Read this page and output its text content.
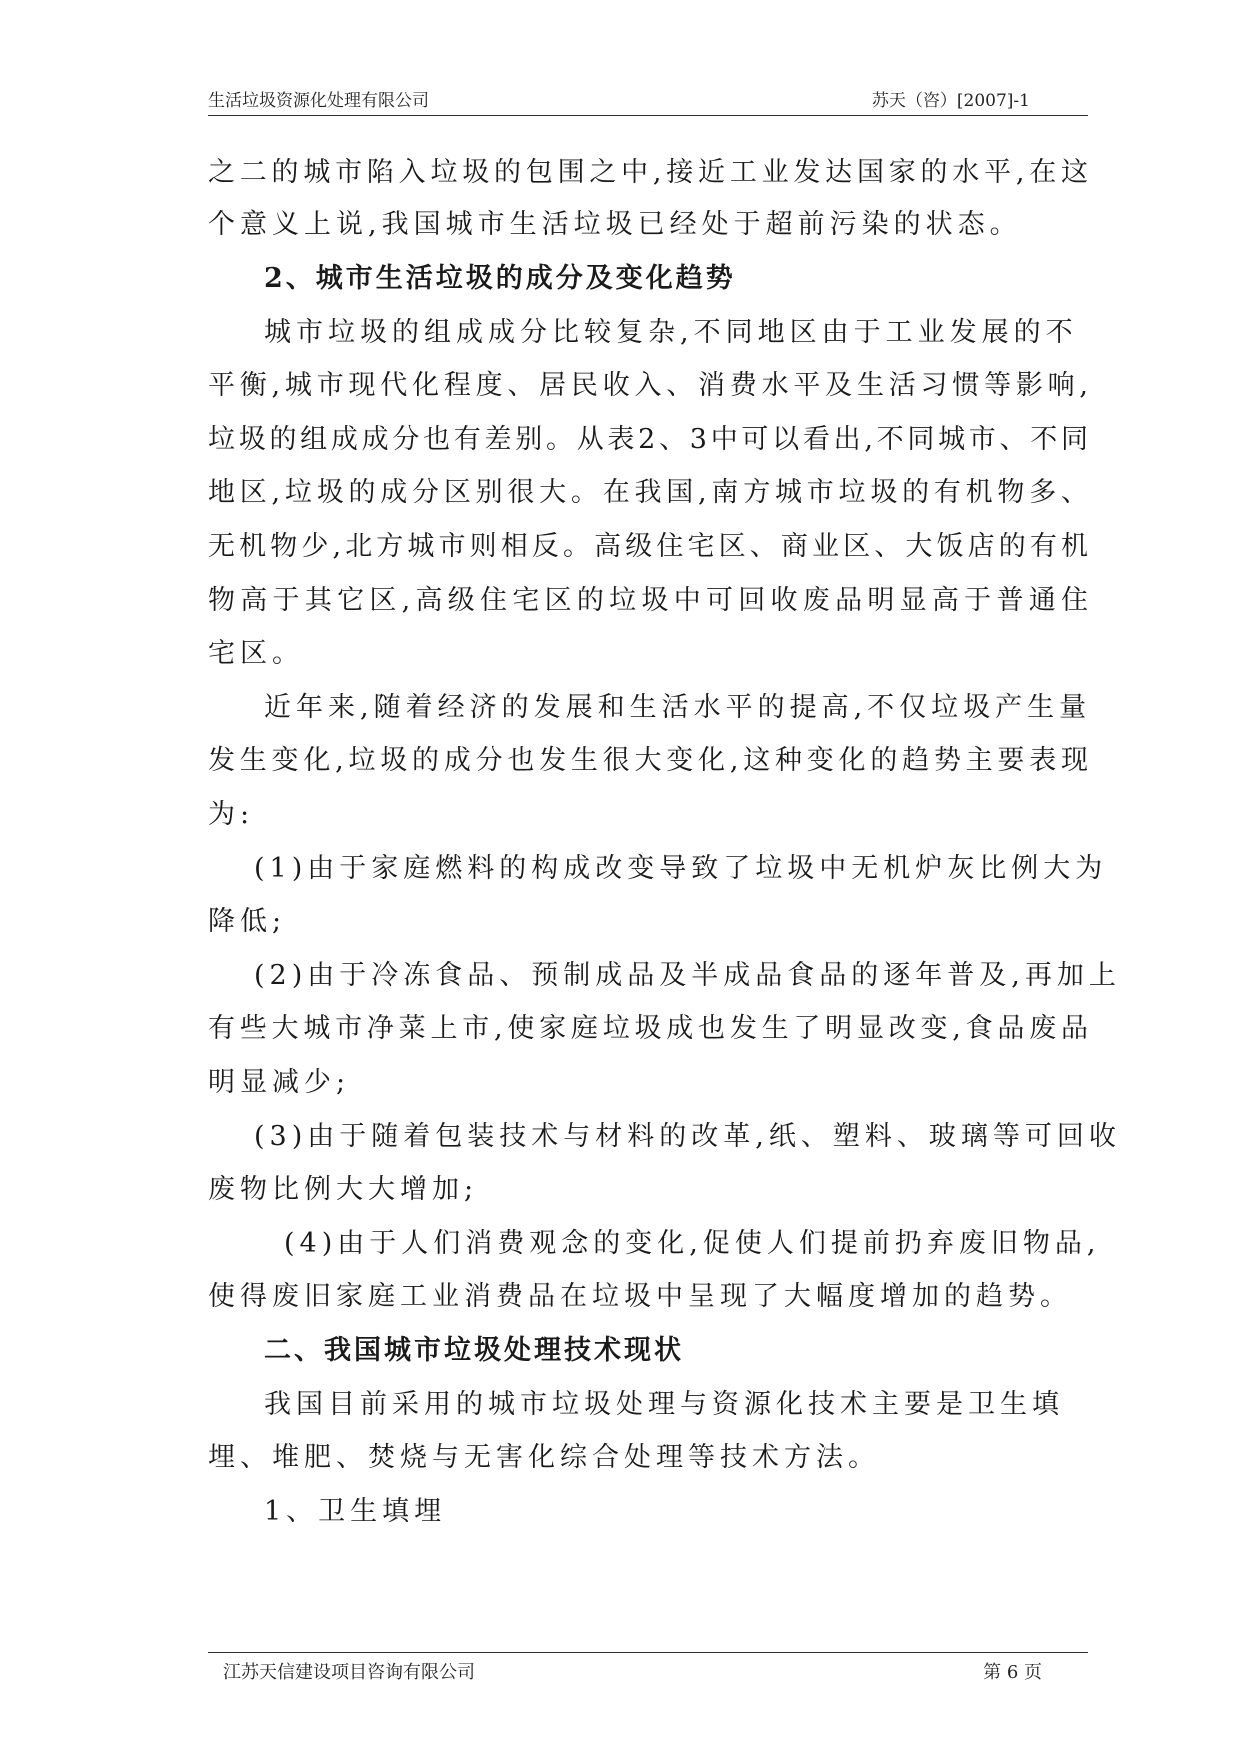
生活垃圾资源化处理有限公司	苏天（咨）[2007]-1
之二的城市陷入垃圾的包围之中,接近工业发达国家的水平,在这
个意义上说,我国城市生活垃圾已经处于超前污染的状态。
2、城市生活垃圾的成分及变化趋势
城市垃圾的组成成分比较复杂,不同地区由于工业发展的不
平衡,城市现代化程度、居民收入、消费水平及生活习惯等影响,
垃圾的组成成分也有差别。从表2、3中可以看出,不同城市、不同
地区,垃圾的成分区别很大。在我国,南方城市垃圾的有机物多、
无机物少,北方城市则相反。高级住宅区、商业区、大饭店的有机
物高于其它区,高级住宅区的垃圾中可回收废品明显高于普通住
宅区。
近年来,随着经济的发展和生活水平的提高,不仅垃圾产生量
发生变化,垃圾的成分也发生很大变化,这种变化的趋势主要表现
为:
(1)由于家庭燃料的构成改变导致了垃圾中无机炉灰比例大为
降低;
(2)由于冷冻食品、预制成品及半成品食品的逐年普及,再加上
有些大城市净菜上市,使家庭垃圾成也发生了明显改变,食品废品
明显减少;
(3)由于随着包装技术与材料的改革,纸、塑料、玻璃等可回收
废物比例大大增加;
(4)由于人们消费观念的变化,促使人们提前扔弃废旧物品,
使得废旧家庭工业消费品在垃圾中呈现了大幅度增加的趋势。
二、我国城市垃圾处理技术现状
我国目前采用的城市垃圾处理与资源化技术主要是卫生填
埋、堆肥、焚烧与无害化综合处理等技术方法。
1、卫生填埋
江苏天信建设项目咨询有限公司	第 6 页
